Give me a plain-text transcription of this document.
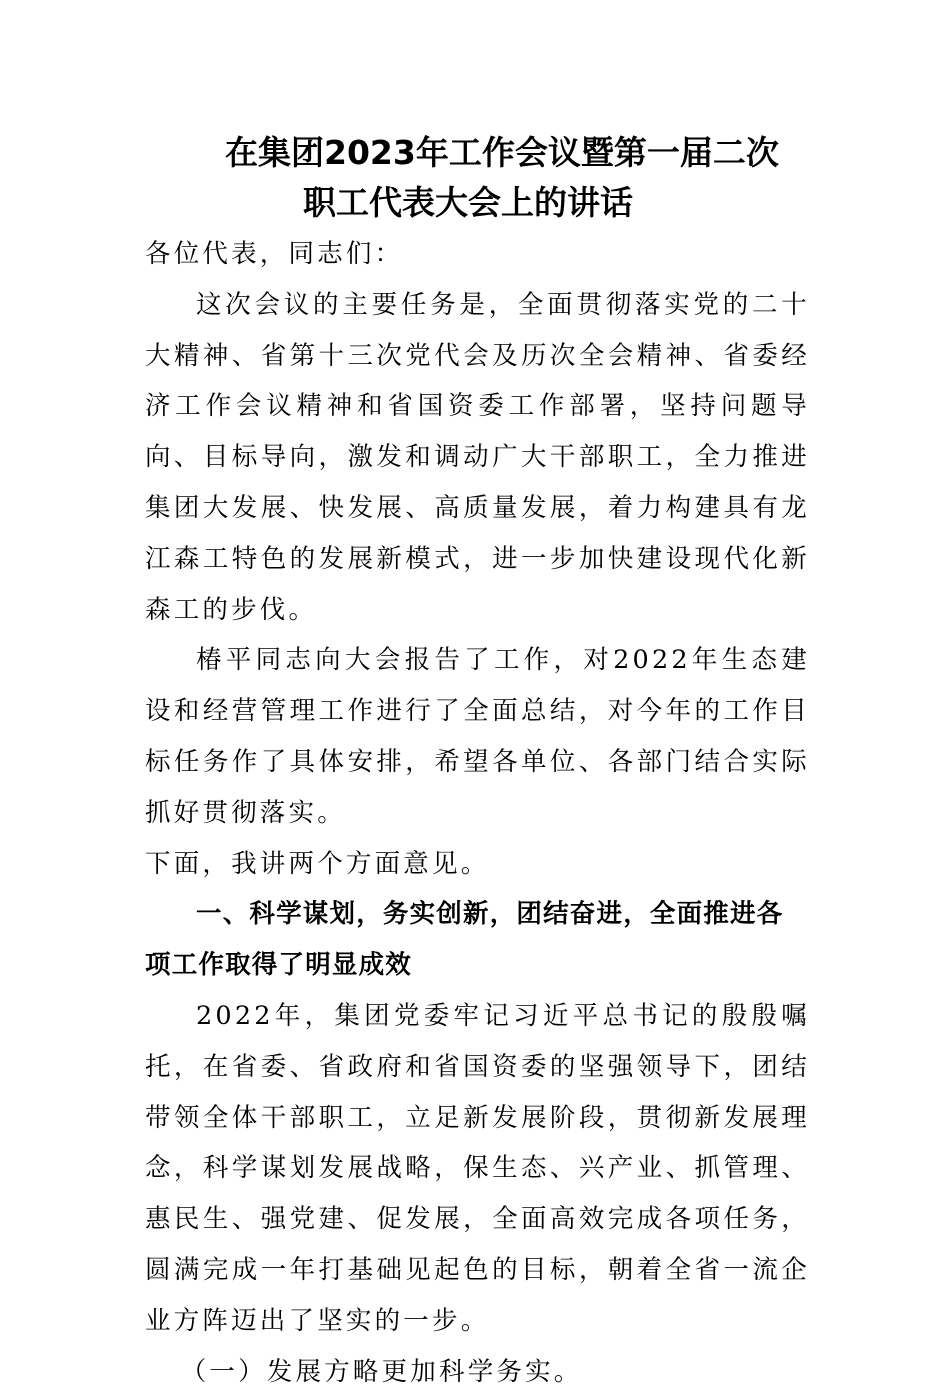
在集团2023年工作会议暨第一届二次
职工代表大会上的讲话

各位代表，同志们：

这次会议的主要任务是，全面贯彻落实党的二十大精神、省第十三次党代会及历次全会精神、省委经济工作会议精神和省国资委工作部署，坚持问题导向、目标导向，激发和调动广大干部职工，全力推进集团大发展、快发展、高质量发展，着力构建具有龙江森工特色的发展新模式，进一步加快建设现代化新森工的步伐。

椿平同志向大会报告了工作，对2022年生态建设和经营管理工作进行了全面总结，对今年的工作目标任务作了具体安排，希望各单位、各部门结合实际抓好贯彻落实。

下面，我讲两个方面意见。

一、科学谋划，务实创新，团结奋进，全面推进各项工作取得了明显成效

2022年，集团党委牢记习近平总书记的殷殷嘱托，在省委、省政府和省国资委的坚强领导下，团结带领全体干部职工，立足新发展阶段，贯彻新发展理念，科学谋划发展战略，保生态、兴产业、抓管理、惠民生、强党建、促发展，全面高效完成各项任务，圆满完成一年打基础见起色的目标，朝着全省一流企业方阵迈出了坚实的一步。

（一）发展方略更加科学务实。
